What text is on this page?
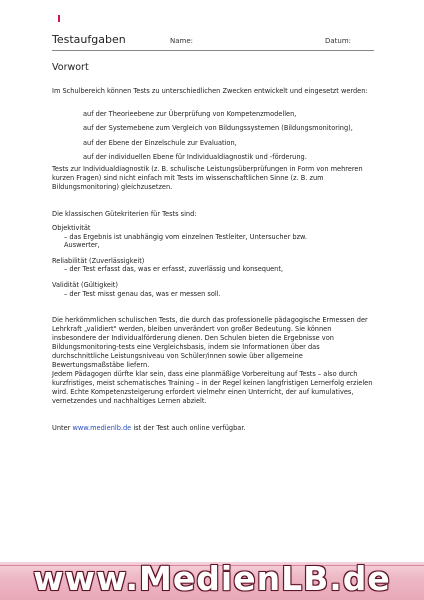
Testaufgaben	Name:	Datum:
Vorwort

Im Schulbereich können Tests zu unterschiedlichen Zwecken entwickelt und eingesetzt werden:

auf der Theorieebene zur Überprüfung von Kompetenzmodellen,
auf der Systemebene zum Vergleich von Bildungssystemen (Bildungsmonitoring),
auf der Ebene der Einzelschule zur Evaluation,
auf der individuellen Ebene für Individualdiagnostik und -förderung.

Tests zur Individualdiagnostik (z. B. schulische Leistungsüberprüfungen in Form von mehreren kurzen Fragen) sind nicht einfach mit Tests im wissenschaftlichen Sinne (z. B. zum Bildungsmonitoring) gleichzusetzen.

Die klassischen Gütekriterien für Tests sind:

Objektivität
– das Ergebnis ist unabhängig vom einzelnen Testleiter, Untersucher bzw. Auswerter,
Reliabilität (Zuverlässigkeit)
– der Test erfasst das, was er erfasst, zuverlässig und konsequent,
Validität (Gültigkeit)
– der Test misst genau das, was er messen soll.

Die herkömmlichen schulischen Tests, die durch das professionelle pädagogische Ermessen der Lehrkraft „validiert" werden, bleiben unverändert von großer Bedeutung. Sie können insbesondere der Individualförderung dienen. Den Schulen bieten die Ergebnisse von Bildungsmonitoring-tests eine Vergleichsbasis, indem sie Informationen über das durchschnittliche Leistungsniveau von Schüler/innen sowie über allgemeine Bewertungsmaßstäbe liefern.

Jedem Pädagogen dürfte klar sein, dass eine planmäßige Vorbereitung auf Tests – also durch kurzfristiges, meist schematisches Training – in der Regel keinen langfristigen Lernerfolg erzielen wird. Echte Kompetenzsteigerung erfordert vielmehr einen Unterricht, der auf kumulatives, vernetzendes und nachhaltiges Lernen abzielt.

Unter www.medienlb.de ist der Test auch online verfügbar.

www.MedienLB.de
